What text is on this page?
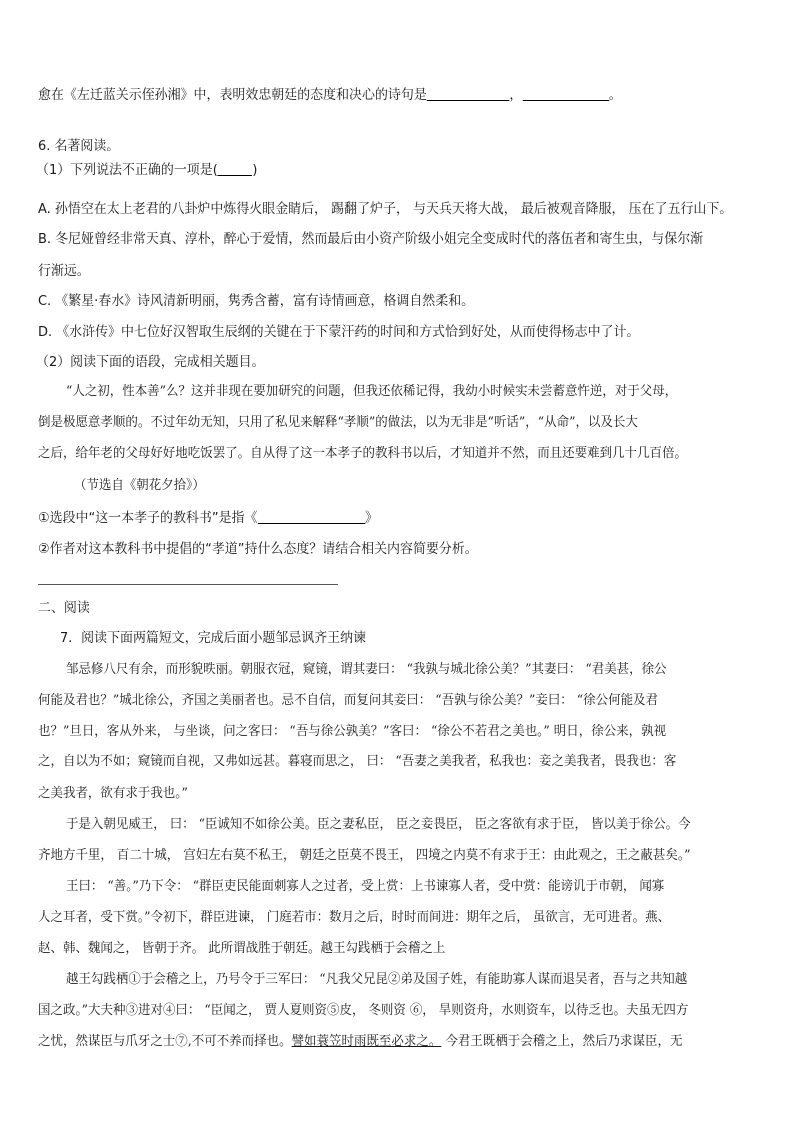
愈在《左迁蓝关示侄孙湘》中，表明效忠朝廷的态度和决心的诗句是	，	。
6. 名著阅读。
（1）下列说法不正确的一项是(	)
A. 孙悟空在太上老君的八卦炉中炼得火眼金睛后， 踢翻了炉子， 与天兵天将大战， 最后被观音降服， 压在了五行山下。
B. 冬尼娅曾经非常天真、淳朴，醉心于爱情，然而最后由小资产阶级小姐完全变成时代的落伍者和寄生虫，与保尔渐
行渐远。
C. 《繁星·春水》诗风清新明丽，隽秀含蓄，富有诗情画意，格调自然柔和。
D. 《水浒传》中七位好汉智取生辰纲的关键在于下蒙汗药的时间和方式恰到好处，从而使得杨志中了计。
（2）阅读下面的语段，完成相关题目。
“人之初，性本善”么？这并非现在要加研究的问题，但我还依稀记得，我幼小时候实未尝蓄意忤逆，对于父母，
倒是极愿意孝顺的。不过年幼无知，只用了私见来解释“孝顺”的做法，以为无非是“听话”，“从命”，以及长大
之后，给年老的父母好好地吃饭罢了。自从得了这一本孝子的教科书以后，才知道并不然，而且还要难到几十几百倍。
（节选自《朝花夕拾》）
①选段中“这一本孝子的教科书”是指《	》
②作者对这本教科书中提倡的“孝道”持什么态度？请结合相关内容简要分析。
二、阅读
7．阅读下面两篇短文，完成后面小题邹忌讽齐王纳谏
邹忌修八尺有余，而形貌昳丽。朝服衣冠，窥镜，谓其妻曰： “我孰与城北徐公美？”其妻曰： “君美甚，徐公
何能及君也？”城北徐公，齐国之美丽者也。忌不自信，而复问其妾曰： “吾孰与徐公美？”妾曰： “徐公何能及君
也？”旦日，客从外来， 与坐谈，问之客曰： “吾与徐公孰美？”客曰： “徐公不若君之美也。” 明日，徐公来，孰视
之，自以为不如；窥镜而自视，又弗如远甚。暮寝而思之， 曰： “吾妻之美我者，私我也：妾之美我者，畏我也：客
之美我者，欲有求于我也。”
于是入朝见威王， 曰： “臣诚知不如徐公美。臣之妻私臣， 臣之妾畏臣， 臣之客欲有求于臣， 皆以美于徐公。今
齐地方千里， 百二十城， 宫妇左右莫不私王， 朝廷之臣莫不畏王， 四境之内莫不有求于王：由此观之，王之蔽甚矣。”
王曰： “善。”乃下令： “群臣吏民能面刺寡人之过者，受上赏：上书谏寡人者，受中赏：能谤讥于市朝， 闻寡
人之耳者，受下赏。”令初下，群臣进谏， 门庭若市：数月之后，时时而间进：期年之后， 虽欲言，无可进者。燕、
赵、韩、魏闻之， 皆朝于齐。 此所谓战胜于朝廷。越王勾践栖于会稽之上
越王勾践栖①于会稽之上，乃号令于三军曰： “凡我父兄昆②弟及国子姓，有能助寡人谋而退吴者，吾与之共知越
国之政。”大夫种③进对④曰： “臣闻之， 贾人夏则资⑤皮， 冬则资 ⑥， 旱则资舟，水则资车，以待乏也。夫虽无四方
之忧，然谋臣与爪牙之士⑦,不可不养而择也。譬如蓑笠时雨既至必求之。 今君王既栖于会稽之上，然后乃求谋臣，无
